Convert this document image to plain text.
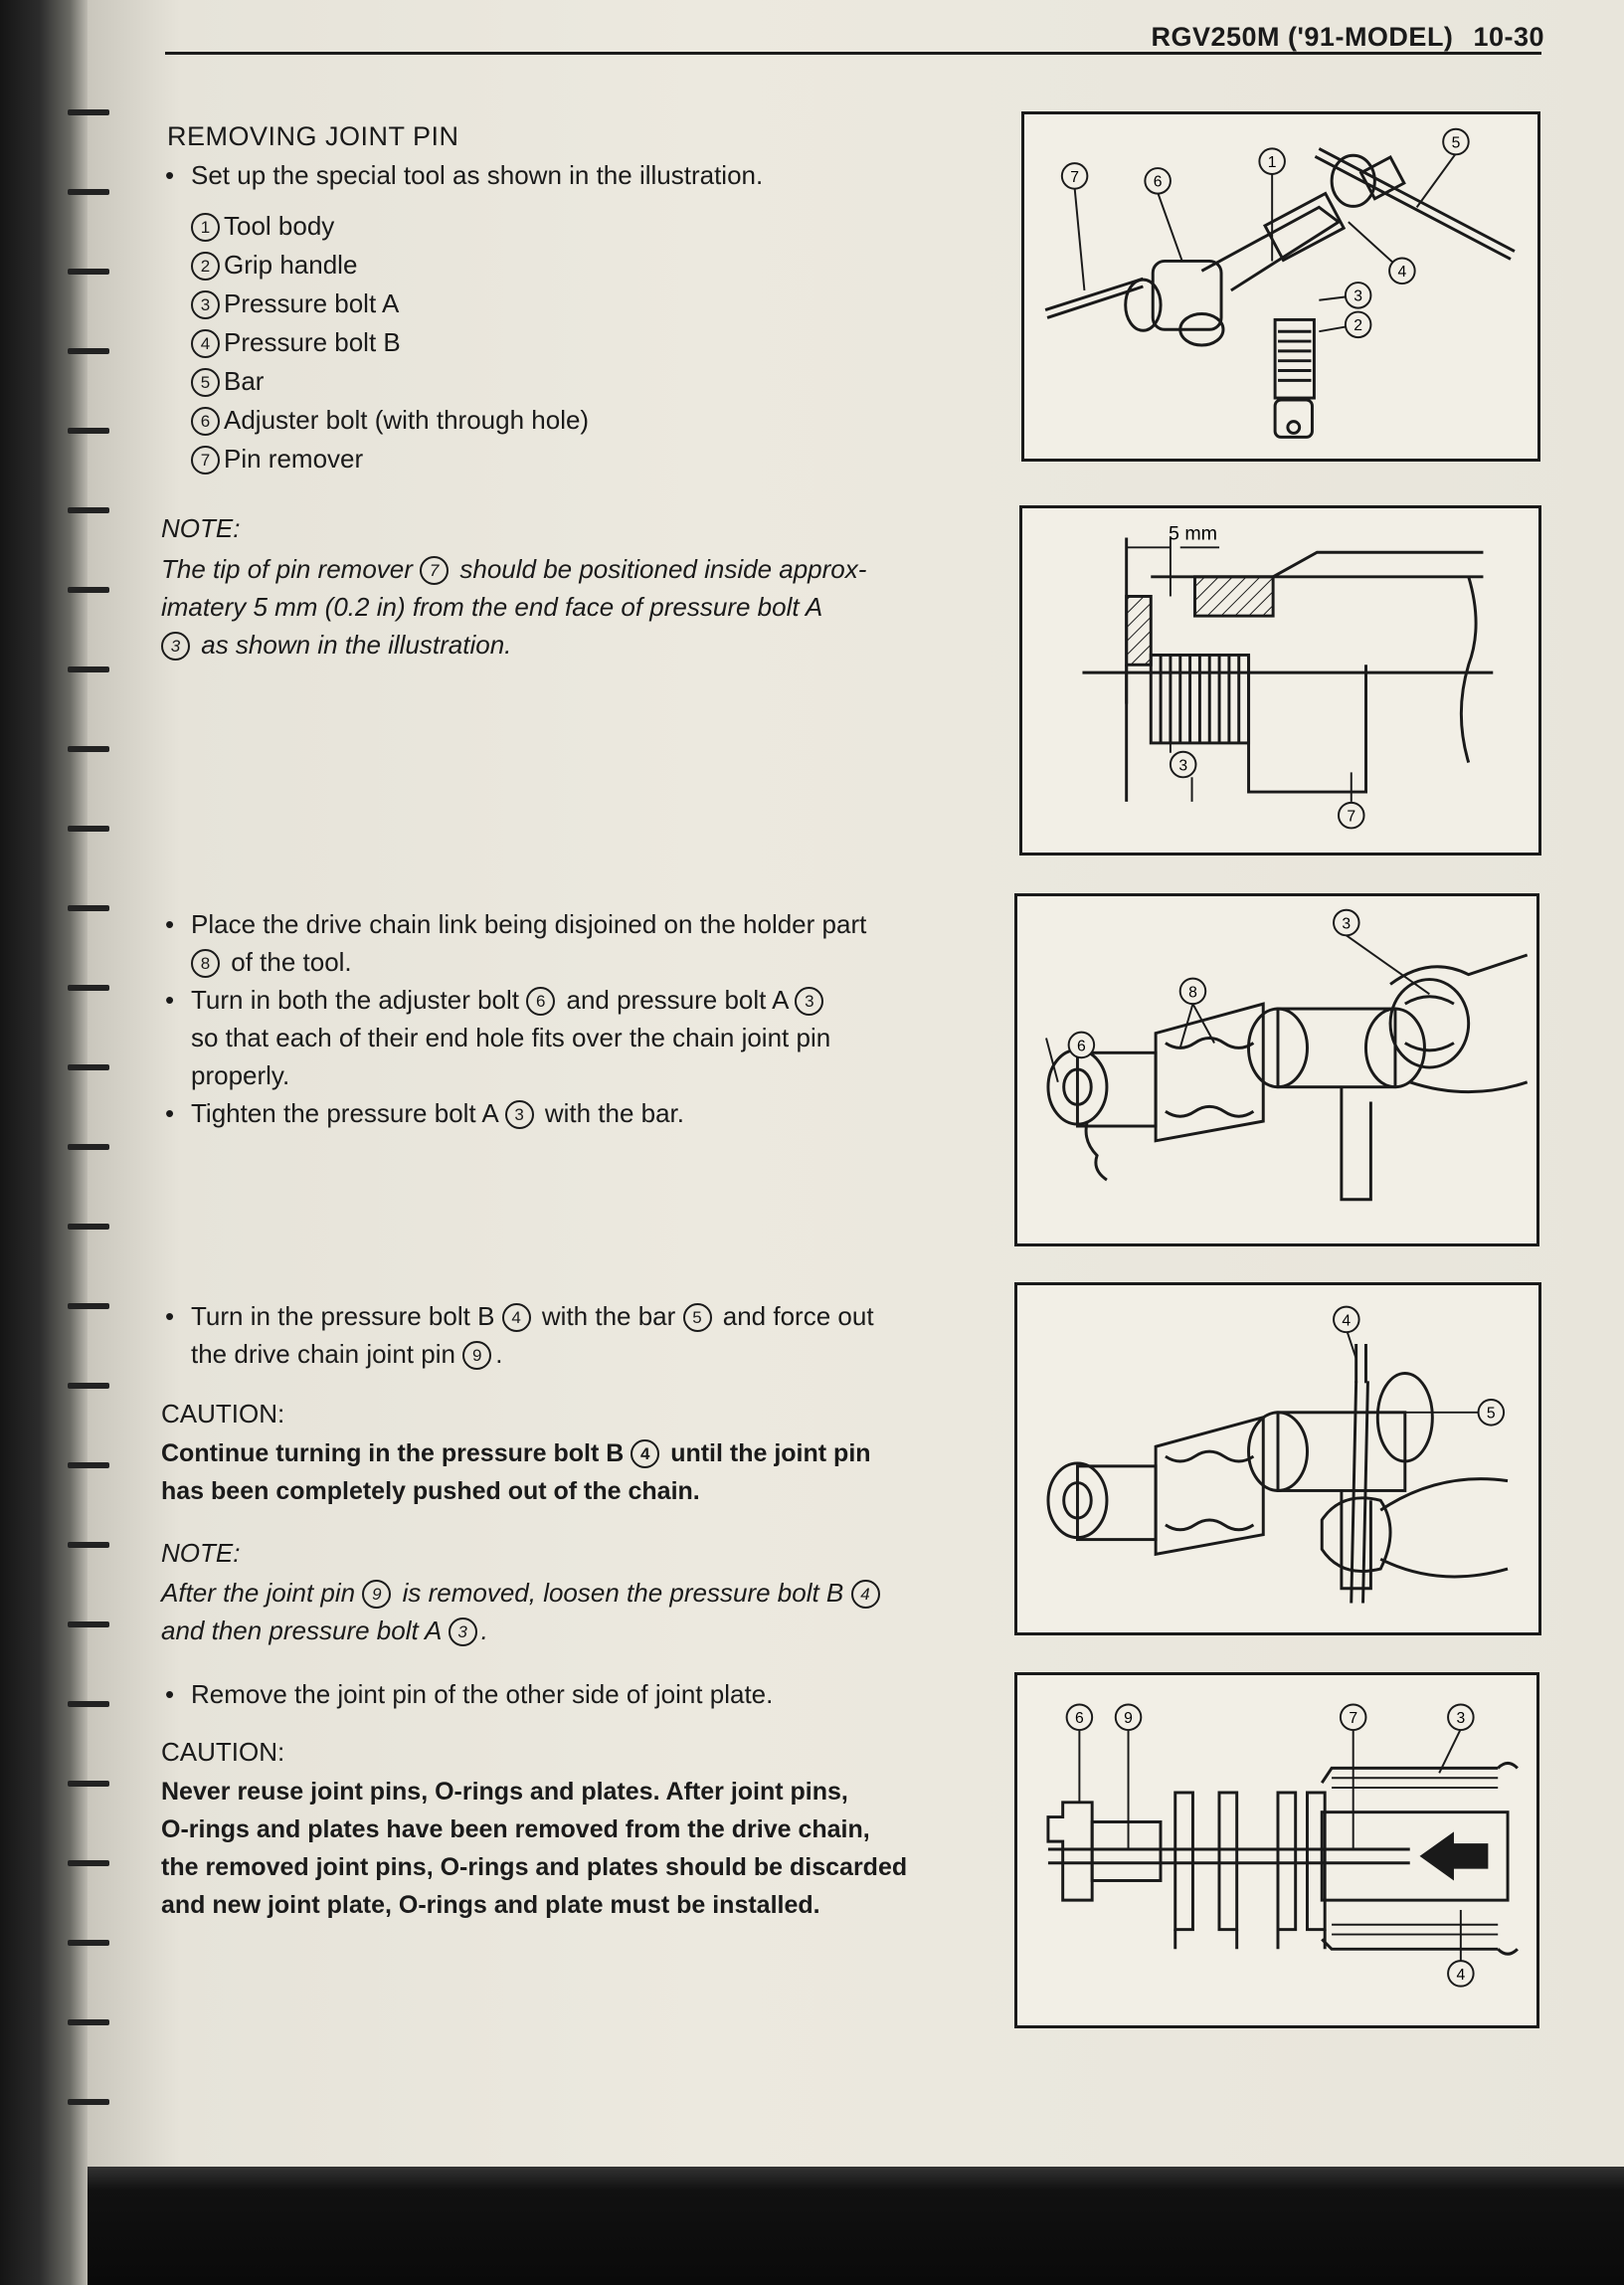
RGV250M ('91-MODEL) 10-30
REMOVING JOINT PIN
• Set up the special tool as shown in the illustration.
1 Tool body
2 Grip handle
3 Pressure bolt A
4 Pressure bolt B
5 Bar
6 Adjuster bolt (with through hole)
7 Pin remover
NOTE:
The tip of pin remover 7 should be positioned inside approx-
imatery 5 mm (0.2 in) from the end face of pressure bolt A
3 as shown in the illustration.
• Place the drive chain link being disjoined on the holder part
8 of the tool.
• Turn in both the adjuster bolt 6 and pressure bolt A 3
so that each of their end hole fits over the chain joint pin
properly.
• Tighten the pressure bolt A 3 with the bar.
• Turn in the pressure bolt B 4 with the bar 5 and force out
the drive chain joint pin 9 .
CAUTION:
Continue turning in the pressure bolt B 4 until the joint pin
has been completely pushed out of the chain.
NOTE:
After the joint pin 9 is removed, loosen the pressure bolt B 4
and then pressure bolt A 3 .
• Remove the joint pin of the other side of joint plate.
CAUTION:
Never reuse joint pins, O-rings and plates. After joint pins,
O-rings and plates have been removed from the drive chain,
the removed joint pins, O-rings and plates should be discarded
and new joint plate, O-rings and plate must be installed.
7	6
1
5
4
3
2
5 mm
3
7
8
6
3
4
5
6	9	7	3
4
